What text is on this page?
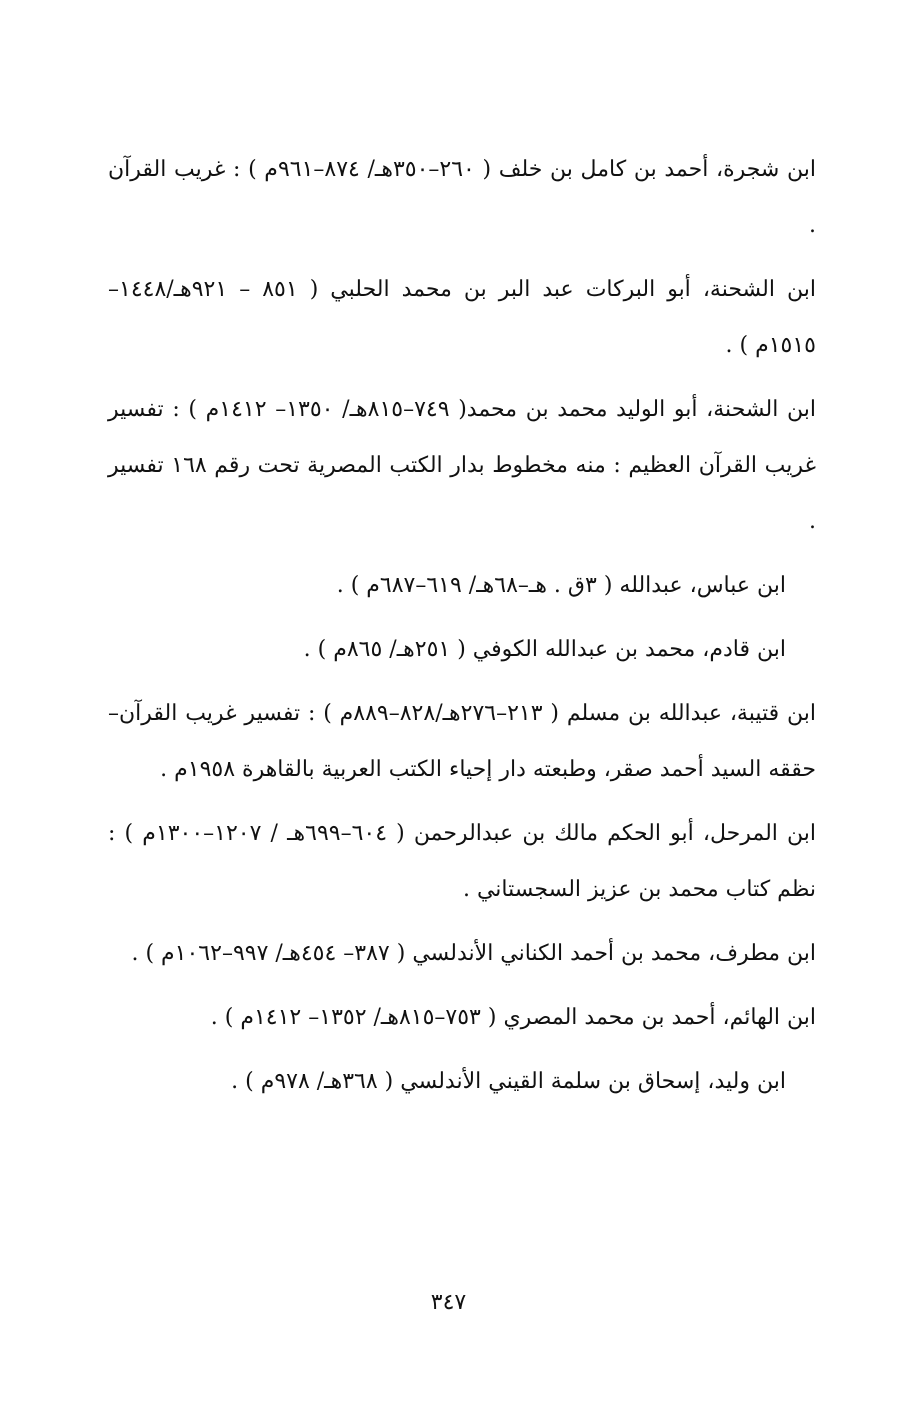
ابن شجرة، أحمد بن كامل بن خلف ( ٢٦٠–٣٥٠هـ/ ٨٧٤–٩٦١م ) : غريب القرآن .

ابن الشحنة، أبو البركات عبد البر بن محمد الحلبي ( ٨٥١ – ٩٢١هـ/١٤٤٨– ١٥١٥م ) .

ابن الشحنة، أبو الوليد محمد بن محمد( ٧٤٩–٨١٥هـ/ ١٣٥٠– ١٤١٢م ) : تفسير غريب القرآن العظيم : منه مخطوط بدار الكتب المصرية تحت رقم ١٦٨ تفسير .

ابن عباس، عبدالله ( ٣ق . هـ–٦٨هـ/ ٦١٩–٦٨٧م ) .

ابن قادم، محمد بن عبدالله الكوفي ( ٢٥١هـ/ ٨٦٥م ) .

ابن قتيبة، عبدالله بن مسلم ( ٢١٣–٢٧٦هـ/٨٢٨–٨٨٩م ) : تفسير غريب القرآن– حققه السيد أحمد صقر، وطبعته دار إحياء الكتب العربية بالقاهرة ١٩٥٨م .

ابن المرحل، أبو الحكم مالك بن عبدالرحمن ( ٦٠٤–٦٩٩هـ / ١٢٠٧–١٣٠٠م ) : نظم كتاب محمد بن عزيز السجستاني .

ابن مطرف، محمد بن أحمد الكناني الأندلسي ( ٣٨٧– ٤٥٤هـ/ ٩٩٧–١٠٦٢م ) .

ابن الهائم، أحمد بن محمد المصري ( ٧٥٣–٨١٥هـ/ ١٣٥٢– ١٤١٢م ) .

ابن وليد، إسحاق بن سلمة القيني الأندلسي ( ٣٦٨هـ/ ٩٧٨م ) .

٣٤٧
